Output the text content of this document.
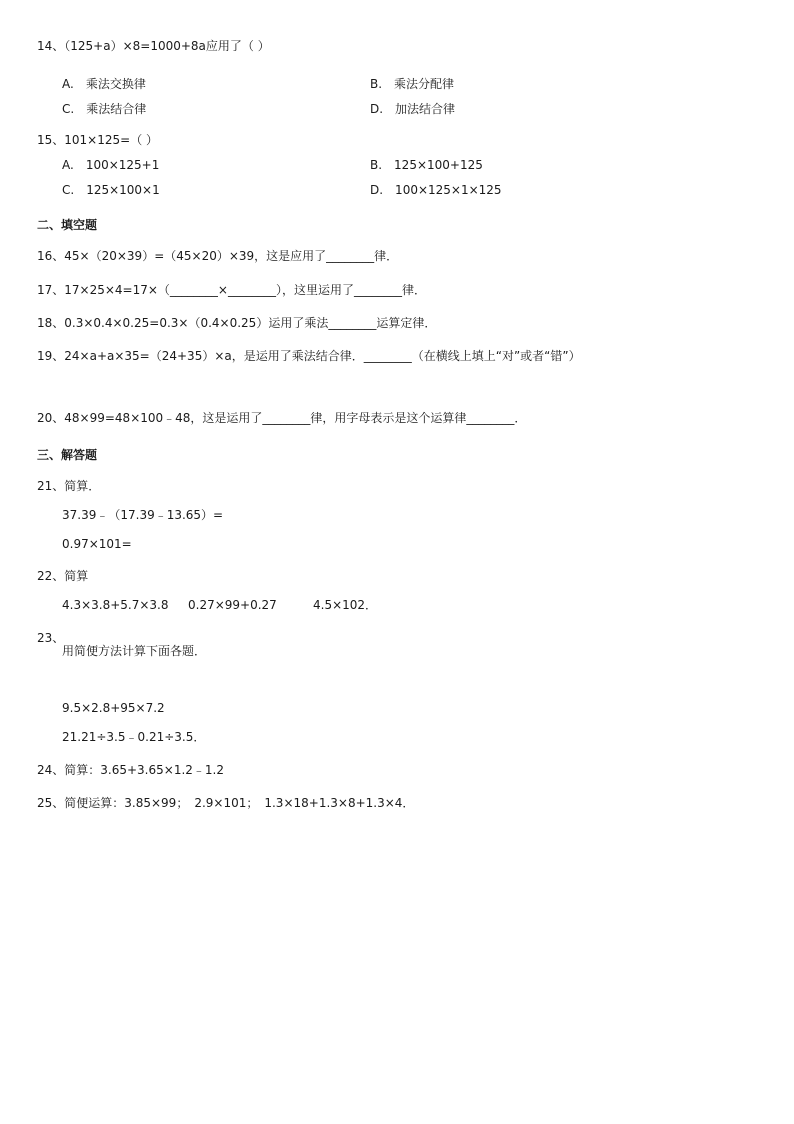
14、（125+a）×8=1000+8a应用了（ ）
A.　乘法交换律	B.　乘法分配律
C.　乘法结合律	D.　加法结合律
15、101×125=（ ）
A.　100×125+1	B.　125×100+125
C.　125×100×1	D.　100×125×1×125
二、填空题
16、45×（20×39）=（45×20）×39，这是应用了________律．
17、17×25×4=17×（________×________），这里运用了________律．
18、0.3×0.4×0.25=0.3×（0.4×0.25）运用了乘法________运算定律．
19、24×a+a×35=（24+35）×a，是运用了乘法结合律．________（在横线上填上“对”或者“错”）
20、48×99=48×100﹣48，这是运用了________律，用字母表示是这个运算律________．
三、解答题
21、简算．
37.39﹣（17.39﹣13.65）=
0.97×101=
22、简算
4.3×3.8+5.7×3.8 0.27×99+0.27	4.5×102．
23、
用简便方法计算下面各题．
9.5×2.8+95×7.2
21.21÷3.5﹣0.21÷3.5．
24、简算：3.65+3.65×1.2﹣1.2
25、简便运算：3.85×99；　2.9×101；　1.3×18+1.3×8+1.3×4．
